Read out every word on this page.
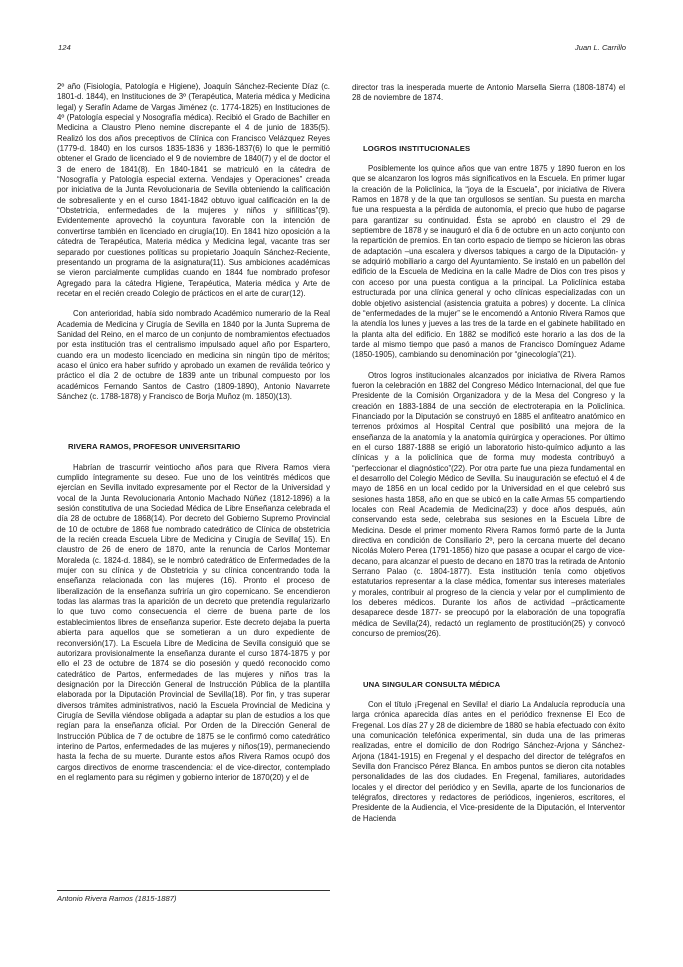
124	Juan L. Carrillo

2º año (Fisiología, Patología e Higiene), Joaquín Sánchez-Reciente Díaz (c. 1801-d. 1844), en Instituciones de 3º (Terapéutica, Materia médica y Medicina legal) y Serafín Adame de Vargas Jiménez (c. 1774-1825) en Instituciones de 4º (Patología especial y Nosografía médica). Recibió el Grado de Bachiller en Medicina a Claustro Pleno nemine discrepante el 4 de junio de 1835(5). Realizó los dos años preceptivos de Clínica con Francisco Velázquez Reyes (1779-d. 1840) en los cursos 1835-1836 y 1836-1837(6) lo que le permitió obtener el Grado de licenciado el 9 de noviembre de 1840(7) y el de doctor el 3 de enero de 1841(8). En 1840-1841 se matriculó en la cátedra de “Nosografía y Patología especial externa. Vendajes y Operaciones” creada por iniciativa de la Junta Revolucionaria de Sevilla obteniendo la calificación de sobresaliente y en el curso 1841-1842 obtuvo igual calificación en la de “Obstetricia, enfermedades de la mujeres y niños y sifilíticas”(9). Evidentemente aprovechó la coyuntura favorable con la intención de convertirse también en licenciado en cirugía(10). En 1841 hizo oposición a la cátedra de Terapéutica, Materia médica y Medicina legal, vacante tras ser separado por cuestiones políticas su propietario Joaquín Sánchez-Reciente, presentando un programa de la asignatura(11). Sus ambiciones académicas se vieron parcialmente cumplidas cuando en 1844 fue nombrado profesor Agregado para la cátedra Higiene, Terapéutica, Materia médica y Arte de recetar en el recién creado Colegio de prácticos en el arte de curar(12).

Con anterioridad, había sido nombrado Académico numerario de la Real Academia de Medicina y Cirugía de Sevilla en 1840 por la Junta Suprema de Sanidad del Reino, en el marco de un conjunto de nombramientos efectuados por esta institución tras el centralismo impulsado aquel año por Espartero, cuando era un modesto licenciado en medicina sin ningún tipo de méritos; acaso el único era haber sufrido y aprobado un examen de reválida teórico y práctico el día 2 de octubre de 1839 ante un tribunal compuesto por los académicos Fernando Santos de Castro (1809-1890), Antonio Navarrete Sánchez (c. 1788-1878) y Francisco de Borja Muñoz (m. 1850)(13).

RIVERA RAMOS, PROFESOR UNIVERSITARIO

Habrían de trascurrir veintiocho años para que Rivera Ramos viera cumplido íntegramente su deseo. Fue uno de los veintitrés médicos que ejercían en Sevilla invitado expresamente por el Rector de la Universidad y vocal de la Junta Revolucionaria Antonio Machado Núñez (1812-1896) a la sesión constitutiva de una Sociedad Médica de Libre Enseñanza celebrada el día 28 de octubre de 1868(14). Por decreto del Gobierno Supremo Provincial de 10 de octubre de 1868 fue nombrado catedrático de Clínica de obstetricia de la recién creada Escuela Libre de Medicina y Cirugía de Sevilla( 15). En claustro de 26 de enero de 1870, ante la renuncia de Carlos Montemar Moraleda (c. 1824-d. 1884), se le nombró catedrático de Enfermedades de la mujer con su clínica y de Obstetricia y su clínica concentrando toda la enseñanza relacionada con las mujeres (16). Pronto el proceso de liberalización de la enseñanza sufriría un giro copernicano. Se encendieron todas las alarmas tras la aparición de un decreto que pretendía regularizarlo lo que tuvo como consecuencia el cierre de buena parte de los establecimientos libres de enseñanza superior. Este decreto dejaba la puerta abierta para aquellos que se sometieran a un duro expediente de reconversión(17). La Escuela Libre de Medicina de Sevilla consiguió que se autorizara provisionalmente la enseñanza durante el curso 1874-1875 y por ello el 23 de octubre de 1874 se dio posesión y quedó reconocido como catedrático de Partos, enfermedades de las mujeres y niños tras la designación por la Dirección General de Instrucción Pública de la plantilla elaborada por la Diputación Provincial de Sevilla(18). Por fin, y tras superar diversos trámites administrativos, nació la Escuela Provincial de Medicina y Cirugía de Sevilla viéndose obligada a adaptar su plan de estudios a los que regían para la enseñanza oficial. Por Orden de la Dirección General de Instrucción Pública de 7 de octubre de 1875 se le confirmó como catedrático interino de Partos, enfermedades de las mujeres y niños(19), permaneciendo hasta la fecha de su muerte. Durante estos años Rivera Ramos ocupó dos cargos directivos de enorme trascendencia: el de vice-director, contemplado en el reglamento para su régimen y gobierno interior de 1870(20) y el de

director tras la inesperada muerte de Antonio Marsella Sierra (1808-1874) el 28 de noviembre de 1874.

LOGROS INSTITUCIONALES

Posiblemente los quince años que van entre 1875 y 1890 fueron en los que se alcanzaron los logros más significativos en la Escuela. En primer lugar la creación de la Policlínica, la “joya de la Escuela”, por iniciativa de Rivera Ramos en 1878 y de la que tan orgullosos se sentían. Su puesta en marcha fue una respuesta a la pérdida de autonomía, el precio que hubo de pagarse para garantizar su continuidad. Ésta se aprobó en claustro el 29 de septiembre de 1878 y se inauguró el día 6 de octubre en un acto conjunto con la repartición de premios. En tan corto espacio de tiempo se hicieron las obras de adaptación –una escalera y diversos tabiques a cargo de la Diputación- y se adquirió mobiliario a cargo del Ayuntamiento. Se instaló en un pabellón del edificio de la Escuela de Medicina en la calle Madre de Dios con tres pisos y con acceso por una puesta contigua a la principal. La Policlínica estaba estructurada por una clínica general y ocho clínicas especializadas con un doble objetivo asistencial (asistencia gratuita a pobres) y docente. La clínica de “enfermedades de la mujer” se le encomendó a Antonio Rivera Ramos que la atendía los lunes y jueves a las tres de la tarde en el gabinete habilitado en la planta alta del edificio. En 1882 se modificó este horario a las dos de la tarde al mismo tiempo que pasó a manos de Francisco Domínguez Adame (1850-1905), cambiando su denominación por “ginecología”(21).

Otros logros institucionales alcanzados por iniciativa de Rivera Ramos fueron la celebración en 1882 del Congreso Médico Internacional, del que fue Presidente de la Comisión Organizadora y de la Mesa del Congreso y la creación en 1883-1884 de una sección de electroterapia en la Policlínica. Financiado por la Diputación se construyó en 1885 el anfiteatro anatómico en terrenos próximos al Hospital Central que posibilitó una mejora de la enseñanza de la anatomía y la anatomía quirúrgica y operaciones. Por último en el curso 1887-1888 se erigió un laboratorio histo-químico adjunto a las clínicas y a la policlínica que de forma muy modesta contribuyó a “perfeccionar el diagnóstico”(22). Por otra parte fue una pieza fundamental en el desarrollo del Colegio Médico de Sevilla. Su inauguración se efectuó el 4 de mayo de 1856 en un local cedido por la Universidad en el que celebró sus sesiones hasta 1858, año en que se ubicó en la calle Armas 55 compartiendo locales con Real Academia de Medicina(23) y doce años después, aún conservando esta sede, celebraba sus sesiones en la Escuela Libre de Medicina. Desde el primer momento Rivera Ramos formó parte de la Junta directiva en condición de Consiliario 2º, pero la cercana muerte del decano Nicolás Molero Perea (1791-1856) hizo que pasase a ocupar el cargo de vice-decano, para alcanzar el puesto de decano en 1870 tras la retirada de Antonio Serrano Palao (c. 1804-1877). Esta institución tenía como objetivos estatutarios representar a la clase médica, fomentar sus intereses materiales y morales, contribuir al progreso de la ciencia y velar por el cumplimiento de los deberes médicos. Durante los años de actividad –prácticamente desaparece desde 1877- se preocupó por la elaboración de una topografía médica de Sevilla(24), redactó un reglamento de prostitución(25) y convocó concurso de premios(26).

UNA SINGULAR CONSULTA MÉDICA

Con el título ¡Fregenal en Sevilla! el diario La Andalucía reproducía una larga crónica aparecida días antes en el periódico frexnense El Eco de Fregenal. Los días 27 y 28 de diciembre de 1880 se había efectuado con éxito una comunicación telefónica experimental, sin duda una de las primeras realizadas, entre el domicilio de don Rodrigo Sánchez-Arjona y Sánchez-Arjona (1841-1915) en Fregenal y el despacho del director de telégrafos en Sevilla don Francisco Pérez Blanca. En ambos puntos se dieron cita notables personalidades de las dos ciudades. En Fregenal, familiares, autoridades locales y el director del periódico y en Sevilla, aparte de los funcionarios de telégrafos, directores y redactores de periódicos, ingenieros, escritores, el Presidente de la Audiencia, el Vice-presidente de la Diputación, el Interventor de Hacienda

Antonio Rivera Ramos (1815-1887)
